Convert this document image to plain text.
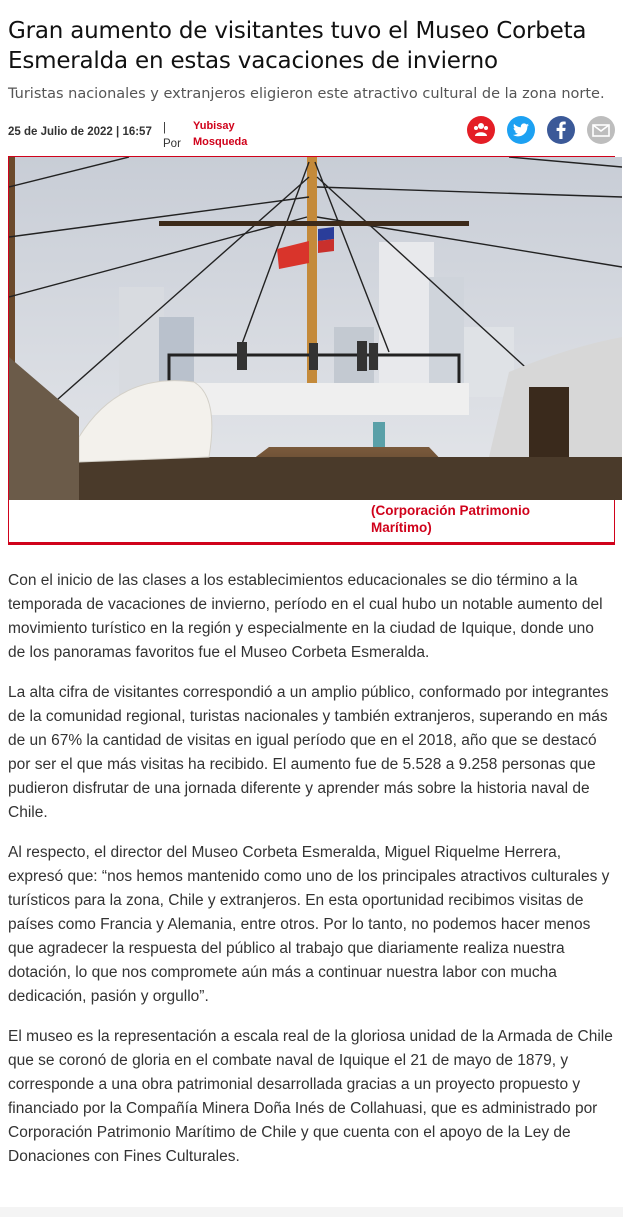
Gran aumento de visitantes tuvo el Museo Corbeta Esmeralda en estas vacaciones de invierno

Turistas nacionales y extranjeros eligieron este atractivo cultural de la zona norte.

25 de Julio de 2022 | 16:57 |
Por
Yubisay
Mosqueda
(Corporación Patrimonio Marítimo)

Con el inicio de las clases a los establecimientos educacionales se dio término a la temporada de vacaciones de invierno, período en el cual hubo un notable aumento del movimiento turístico en la región y especialmente en la ciudad de Iquique, donde uno de los panoramas favoritos fue el Museo Corbeta Esmeralda.

La alta cifra de visitantes correspondió a un amplio público, conformado por integrantes de la comunidad regional, turistas nacionales y también extranjeros, superando en más de un 67% la cantidad de visitas en igual período que en el 2018, año que se destacó por ser el que más visitas ha recibido. El aumento fue de 5.528 a 9.258 personas que pudieron disfrutar de una jornada diferente y aprender más sobre la historia naval de Chile.

Al respecto, el director del Museo Corbeta Esmeralda, Miguel Riquelme Herrera, expresó que: “nos hemos mantenido como uno de los principales atractivos culturales y turísticos para la zona, Chile y extranjeros. En esta oportunidad recibimos visitas de países como Francia y Alemania, entre otros. Por lo tanto, no podemos hacer menos que agradecer la respuesta del público al trabajo que diariamente realiza nuestra dotación, lo que nos compromete aún más a continuar nuestra labor con mucha dedicación, pasión y orgullo”.

El museo es la representación a escala real de la gloriosa unidad de la Armada de Chile que se coronó de gloria en el combate naval de Iquique el 21 de mayo de 1879, y corresponde a una obra patrimonial desarrollada gracias a un proyecto propuesto y financiado por la Compañía Minera Doña Inés de Collahuasi, que es administrado por Corporación Patrimonio Marítimo de Chile y que cuenta con el apoyo de la Ley de Donaciones con Fines Culturales.
